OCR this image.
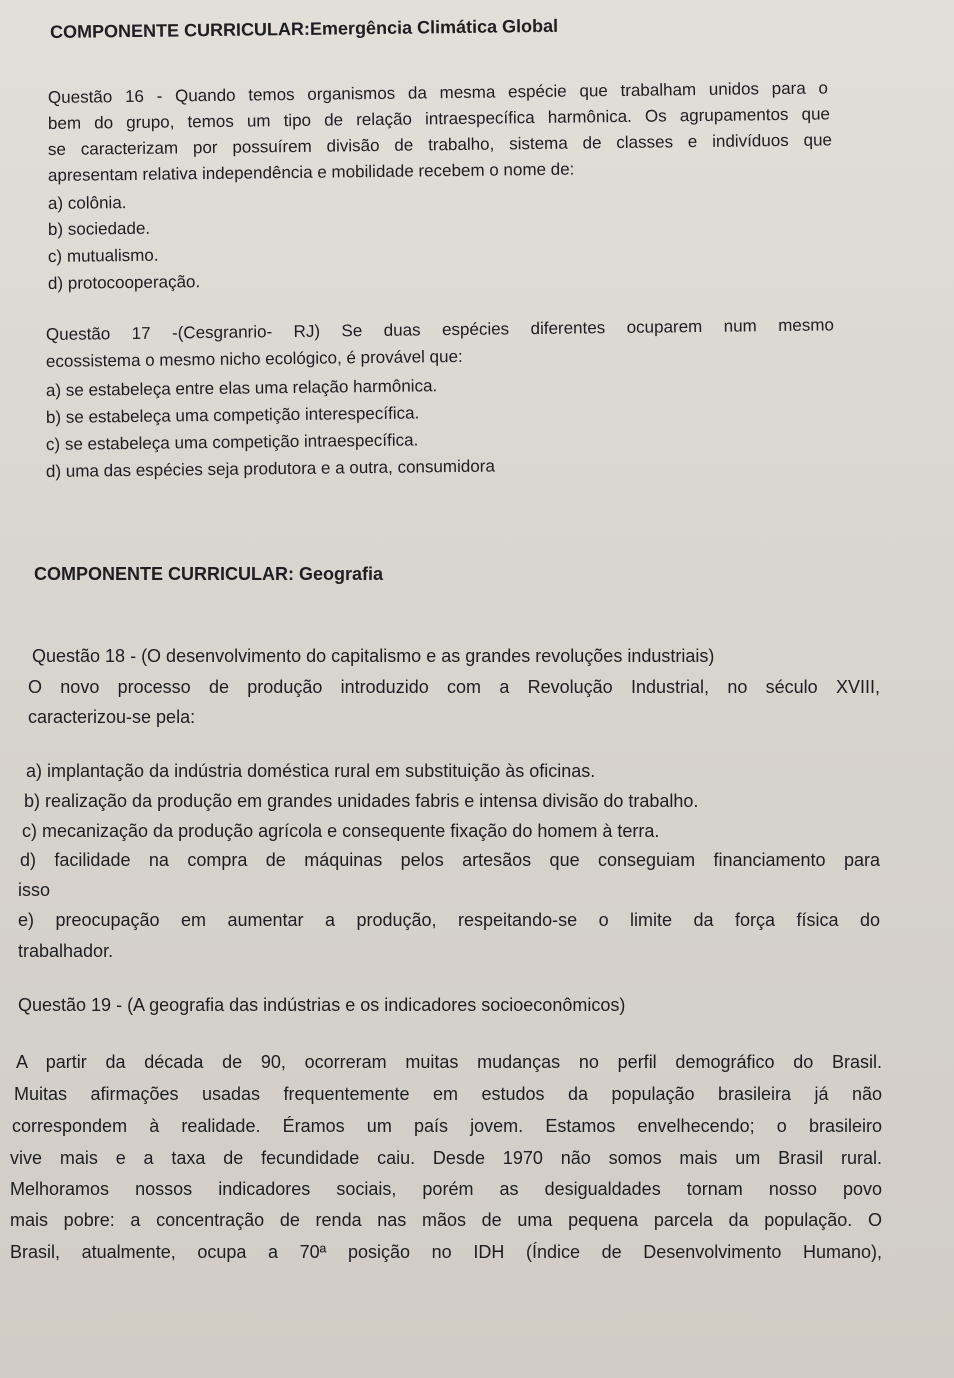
COMPONENTE CURRICULAR:Emergência Climática Global

Questão 16 - Quando temos organismos da mesma espécie que trabalham unidos para o

bem do grupo, temos um tipo de relação intraespecífica harmônica. Os agrupamentos que

se caracterizam por possuírem divisão de trabalho, sistema de classes e indivíduos que

apresentam relativa independência e mobilidade recebem o nome de:

a) colônia.

b) sociedade.

c) mutualismo.

d) protocooperação.

Questão 17 -(Cesgranrio- RJ) Se duas espécies diferentes ocuparem num mesmo

ecossistema o mesmo nicho ecológico, é provável que:

a) se estabeleça entre elas uma relação harmônica.

b) se estabeleça uma competição interespecífica.

c) se estabeleça uma competição intraespecífica.

d) uma das espécies seja produtora e a outra, consumidora

COMPONENTE CURRICULAR: Geografia

Questão 18 - (O desenvolvimento do capitalismo e as grandes revoluções industriais)

O novo processo de produção introduzido com a Revolução Industrial, no século XVIII,

caracterizou-se pela:

a) implantação da indústria doméstica rural em substituição às oficinas.

b) realização da produção em grandes unidades fabris e intensa divisão do trabalho.

c) mecanização da produção agrícola e consequente fixação do homem à terra.

d) facilidade na compra de máquinas pelos artesãos que conseguiam financiamento para

isso

e) preocupação em aumentar a produção, respeitando-se o limite da força física do

trabalhador.

Questão 19 - (A geografia das indústrias e os indicadores socioeconômicos)

A partir da década de 90, ocorreram muitas mudanças no perfil demográfico do Brasil.

Muitas afirmações usadas frequentemente em estudos da população brasileira já não

correspondem à realidade. Éramos um país jovem. Estamos envelhecendo; o brasileiro

vive mais e a taxa de fecundidade caiu. Desde 1970 não somos mais um Brasil rural.

Melhoramos nossos indicadores sociais, porém as desigualdades tornam nosso povo

mais pobre: a concentração de renda nas mãos de uma pequena parcela da população. O

Brasil, atualmente, ocupa a 70ª posição no IDH (Índice de Desenvolvimento Humano),
